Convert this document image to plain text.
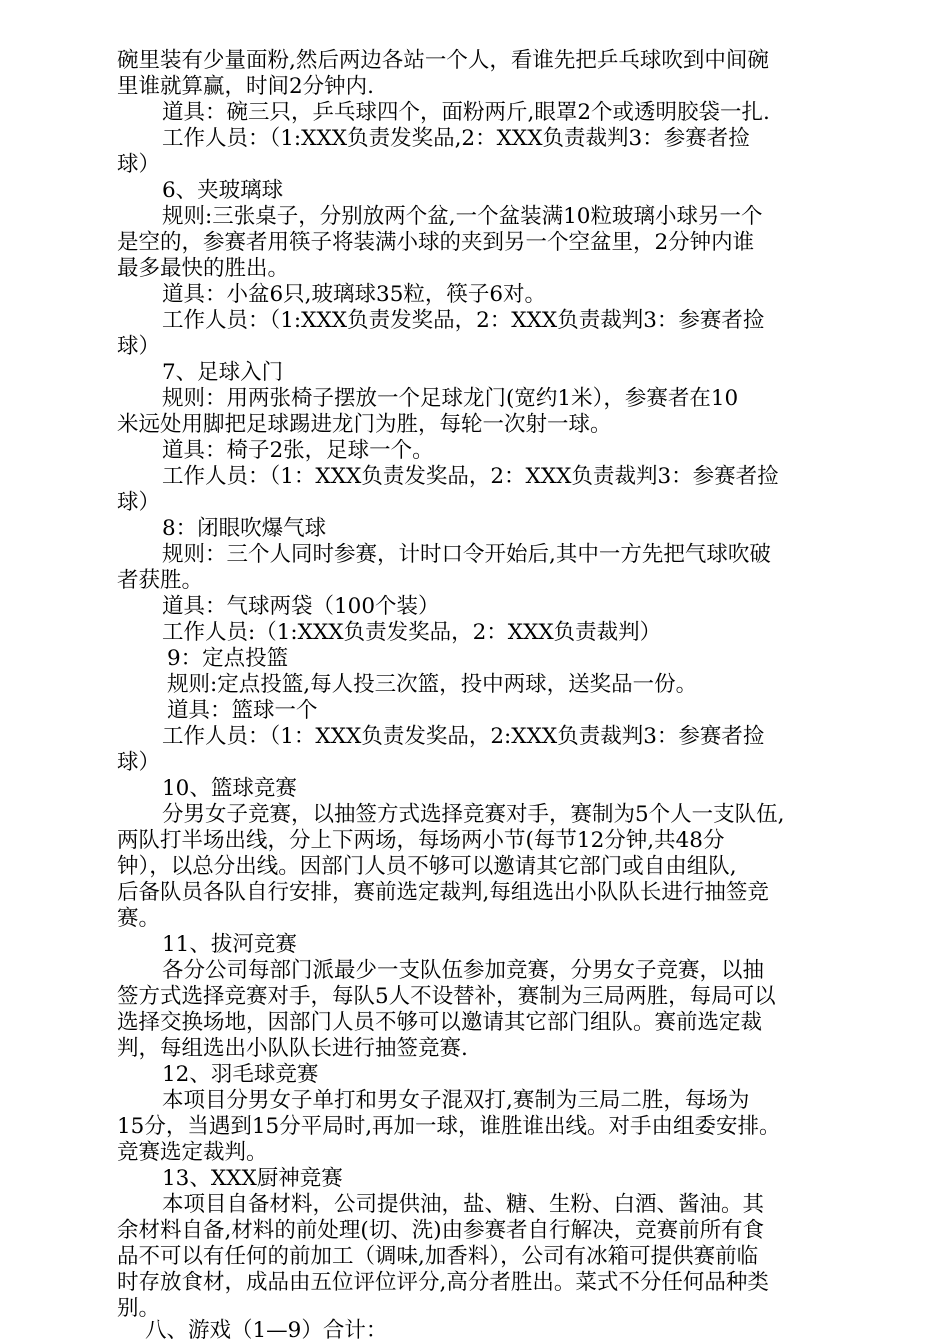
碗里装有少量面粉,然后两边各站一个人，看谁先把乒乓球吹到中间碗
里谁就算赢，时间2分钟内.
道具：碗三只，乒乓球四个，面粉两斤,眼罩2个或透明胶袋一扎.
工作人员：（1:XXX负责发奖品,2：XXX负责裁判3：参赛者捡
球）
6、夹玻璃球
规则:三张桌子，分别放两个盆,一个盆装满10粒玻璃小球另一个
是空的，参赛者用筷子将装满小球的夹到另一个空盆里，2分钟内谁
最多最快的胜出。
道具：小盆6只,玻璃球35粒，筷子6对。
工作人员：（1:XXX负责发奖品，2：XXX负责裁判3：参赛者捡
球）
7、足球入门
规则：用两张椅子摆放一个足球龙门(宽约1米），参赛者在10
米远处用脚把足球踢进龙门为胜，每轮一次射一球。
道具：椅子2张，足球一个。
工作人员：（1：XXX负责发奖品，2：XXX负责裁判3：参赛者捡
球）
8：闭眼吹爆气球
规则：三个人同时参赛，计时口令开始后,其中一方先把气球吹破
者获胜。
道具：气球两袋（100个装）
工作人员:（1:XXX负责发奖品，2：XXX负责裁判）
9：定点投篮
规则:定点投篮,每人投三次篮，投中两球，送奖品一份。
道具：篮球一个
工作人员：（1：XXX负责发奖品，2:XXX负责裁判3：参赛者捡
球）
10、篮球竞赛
分男女子竞赛，以抽签方式选择竞赛对手，赛制为5个人一支队伍,
两队打半场出线，分上下两场，每场两小节(每节12分钟,共48分
钟），以总分出线。因部门人员不够可以邀请其它部门或自由组队,
后备队员各队自行安排，赛前选定裁判,每组选出小队队长进行抽签竞
赛。
11、拔河竞赛
各分公司每部门派最少一支队伍参加竞赛，分男女子竞赛，以抽
签方式选择竞赛对手，每队5人不设替补，赛制为三局两胜，每局可以
选择交换场地，因部门人员不够可以邀请其它部门组队。赛前选定裁
判，每组选出小队队长进行抽签竞赛.
12、羽毛球竞赛
本项目分男女子单打和男女子混双打,赛制为三局二胜，每场为
15分，当遇到15分平局时,再加一球，谁胜谁出线。对手由组委安排。
竞赛选定裁判。
13、XXX厨神竞赛
本项目自备材料，公司提供油，盐、糖、生粉、白酒、酱油。其
余材料自备,材料的前处理(切、洗)由参赛者自行解决，竞赛前所有食
品不可以有任何的前加工（调味,加香料），公司有冰箱可提供赛前临
时存放食材，成品由五位评位评分,高分者胜出。菜式不分任何品种类
别。
八、游戏（1—9）合计：
